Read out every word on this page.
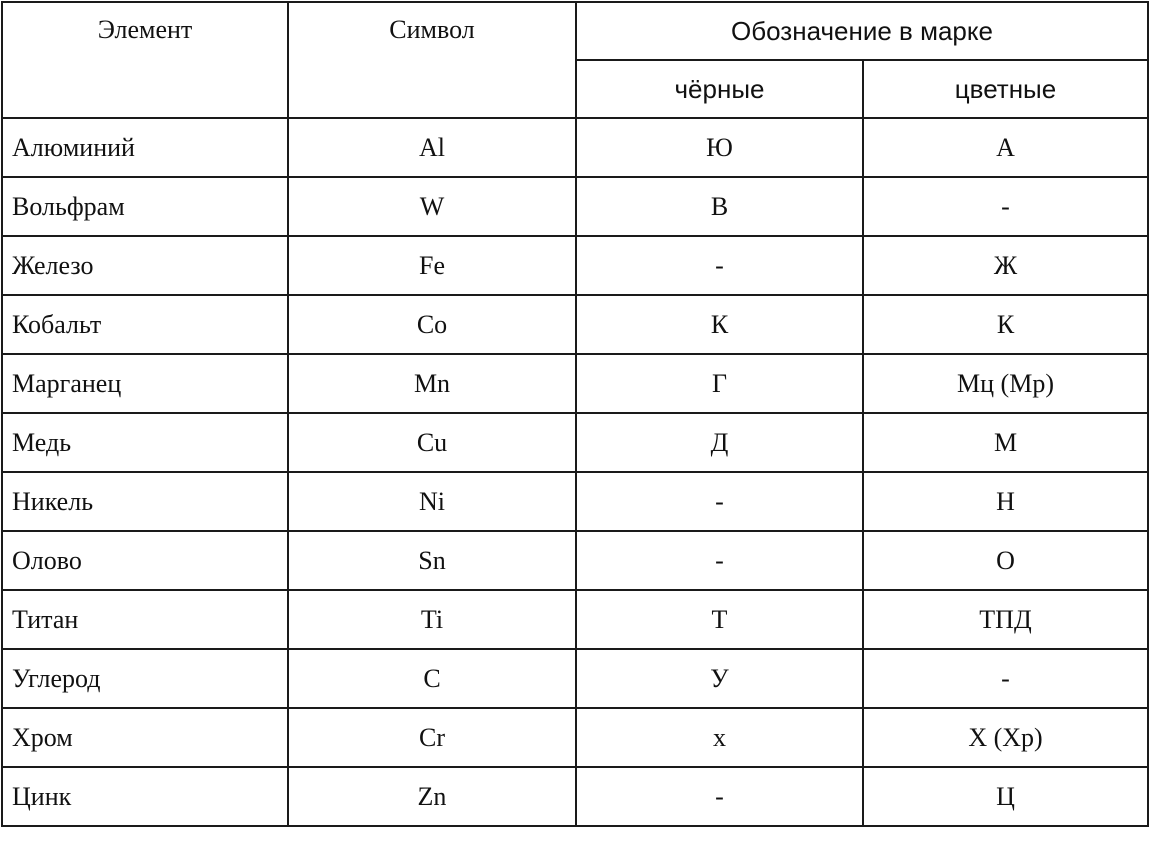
Элемент	Символ	Обозначение в марке	
		чёрные	цветные
Алюминий	Al	Ю	А
Вольфрам	W	В	-
Железо	Fe	-	Ж
Кобальт	Co	К	К
Марганец	Mn	Г	Мц (Мр)
Медь	Cu	Д	М
Никель	Ni	-	Н
Олово	Sn	-	О
Титан	Ti	Т	ТПД
Углерод	C	У	-
Хром	Cr	х	Х (Хр)
Цинк	Zn	-	Ц
